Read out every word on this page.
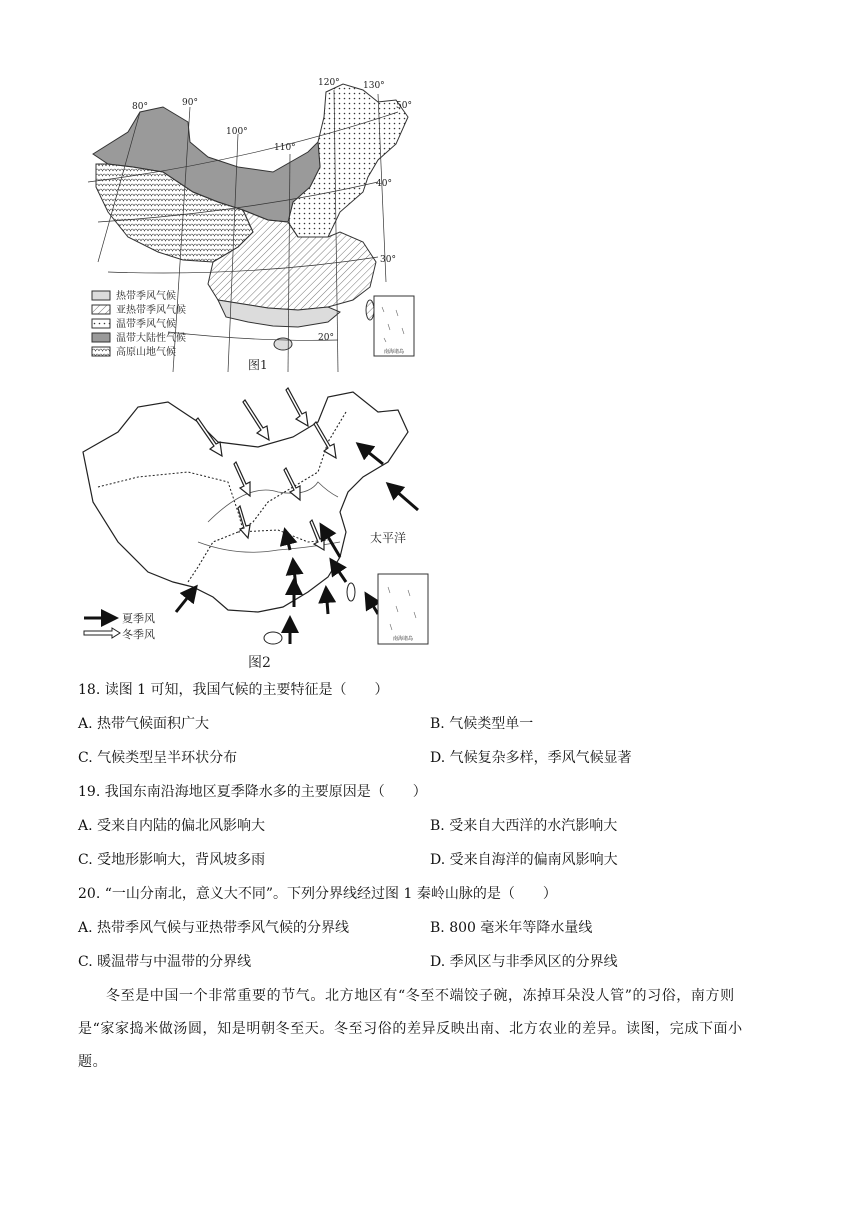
80°	90°
100°
110°
120°	130°
50°
40°
30°
20°
南海诸岛
热带季风气候
亚热带季风气候
温带季风气候
温带大陆性气候
高原山地气候
图1
太平洋
南海诸岛
夏季风
冬季风
图2
18. 读图 1 可知，我国气候的主要特征是（　　）
A. 热带气候面积广大	B. 气候类型单一
C. 气候类型呈半环状分布	D. 气候复杂多样，季风气候显著
19. 我国东南沿海地区夏季降水多的主要原因是（　　）
A. 受来自内陆的偏北风影响大	B. 受来自大西洋的水汽影响大
C. 受地形影响大，背风坡多雨	D. 受来自海洋的偏南风影响大
20. “一山分南北，意义大不同”。下列分界线经过图 1 秦岭山脉的是（　　）
A. 热带季风气候与亚热带季风气候的分界线	B. 800 毫米年等降水量线
C. 暖温带与中温带的分界线	D. 季风区与非季风区的分界线
冬至是中国一个非常重要的节气。北方地区有“冬至不端饺子碗，冻掉耳朵没人管”的习俗，南方则是“家家捣米做汤圆，知是明朝冬至天。冬至习俗的差异反映出南、北方农业的差异。读图，完成下面小题。
